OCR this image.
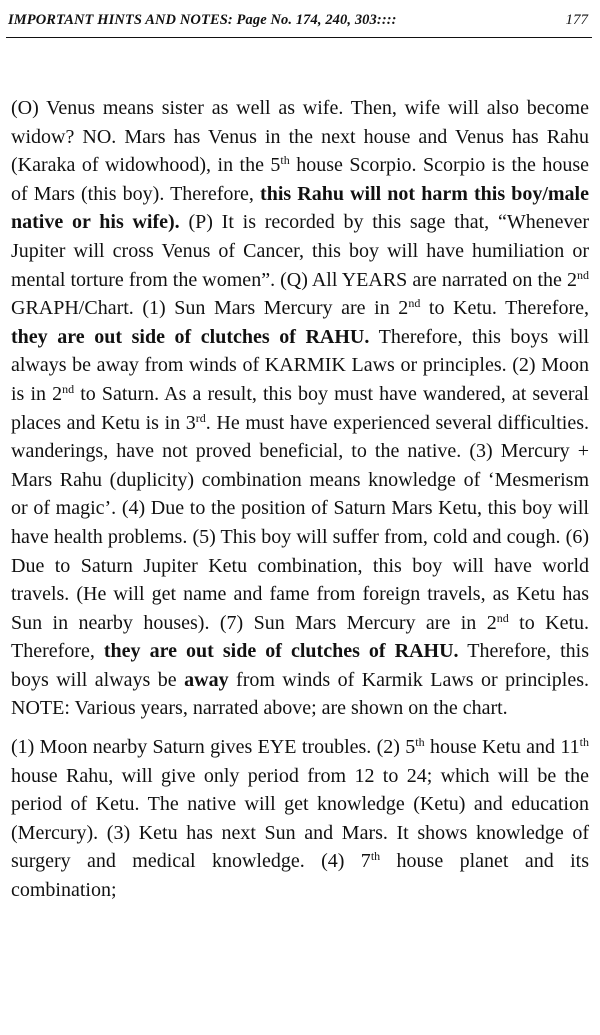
IMPORTANT HINTS AND NOTES: Page No. 174, 240, 303::::	177

(O) Venus means sister as well as wife. Then, wife will also become widow? NO. Mars has Venus in the next house and Venus has Rahu (Karaka of widowhood), in the 5th house Scorpio. Scorpio is the house of Mars (this boy). Therefore, this Rahu will not harm this boy/male native or his wife). (P) It is recorded by this sage that, “Whenever Jupiter will cross Venus of Cancer, this boy will have humiliation or mental torture from the women”. (Q) All YEARS are narrated on the 2nd GRAPH/Chart. (1) Sun Mars Mercury are in 2nd to Ketu. Therefore, they are out side of clutches of RAHU. Therefore, this boys will always be away from winds of KARMIK Laws or principles. (2) Moon is in 2nd to Saturn. As a result, this boy must have wandered, at several places and Ketu is in 3rd. He must have experienced several difficulties. wanderings, have not proved beneficial, to the native. (3) Mercury + Mars Rahu (duplicity) combination means knowledge of ‘Mesmerism or of magic’. (4) Due to the position of Saturn Mars Ketu, this boy will have health problems. (5) This boy will suffer from, cold and cough. (6) Due to Saturn Jupiter Ketu combination, this boy will have world travels. (He will get name and fame from foreign travels, as Ketu has Sun in nearby houses). (7) Sun Mars Mercury are in 2nd to Ketu. Therefore, they are out side of clutches of RAHU. Therefore, this boys will always be away from winds of Karmik Laws or principles. NOTE: Various years, narrated above; are shown on the chart.

(1) Moon nearby Saturn gives EYE troubles. (2) 5th house Ketu and 11th house Rahu, will give only period from 12 to 24; which will be the period of Ketu. The native will get knowledge (Ketu) and education (Mercury). (3) Ketu has next Sun and Mars. It shows knowledge of surgery and medical knowledge. (4) 7th house planet and its combination;
